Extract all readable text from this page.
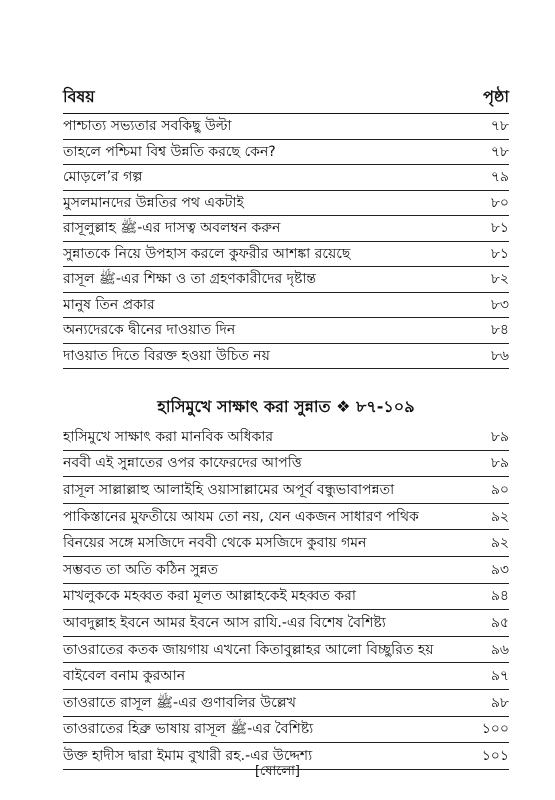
বিষয়	পৃষ্ঠা
পাশ্চাত্য সভ্যতার সবকিছু উল্টা	৭৮
তাহলে পশ্চিমা বিশ্ব উন্নতি করছে কেন?	৭৮
মোড়লে’র গল্প	৭৯
মুসলমানদের উন্নতির পথ একটাই	৮০
রাসূলুল্লাহ ﷺ-এর দাসত্ব অবলম্বন করুন	৮১
সুন্নাতকে নিয়ে উপহাস করলে কুফরীর আশঙ্কা রয়েছে	৮১
রাসূল ﷺ-এর শিক্ষা ও তা গ্রহণকারীদের দৃষ্টান্ত	৮২
মানুষ তিন প্রকার	৮৩
অন্যদেরকে দ্বীনের দাওয়াত দিন	৮৪
দাওয়াত দিতে বিরক্ত হওয়া উচিত নয়	৮৬
হাসিমুখে সাক্ষাৎ করা সুন্নাত ❖ ৮৭-১০৯
হাসিমুখে সাক্ষাৎ করা মানবিক অধিকার	৮৯
নববী এই সুন্নাতের ওপর কাফেরদের আপত্তি	৮৯
রাসূল সাল্লাল্লাহু আলাইহি ওয়াসাল্লামের অপূর্ব বন্ধুভাবাপন্নতা	৯০
পাকিস্তানের মুফতীয়ে আযম তো নয়, যেন একজন সাধারণ পথিক	৯২
বিনয়ের সঙ্গে মসজিদে নববী থেকে মসজিদে কুবায় গমন	৯২
সম্ভবত তা অতি কঠিন সুন্নত	৯৩
মাখলুককে মহব্বত করা মূলত আল্লাহকেই মহব্বত করা	৯৪
আবদুল্লাহ ইবনে আমর ইবনে আস রাযি.-এর বিশেষ বৈশিষ্ট্য	৯৫
তাওরাতের কতক জায়গায় এখনো কিতাবুল্লাহর আলো বিচ্ছুরিত হয়	৯৬
বাইবেল বনাম কুরআন	৯৭
তাওরাতে রাসূল ﷺ-এর গুণাবলির উল্লেখ	৯৮
তাওরাতের হিব্রু ভাষায় রাসূল ﷺ-এর বৈশিষ্ট্য	১০০
উক্ত হাদীস দ্বারা ইমাম বুখারী রহ.-এর উদ্দেশ্য	১০১
[ষোলো]
